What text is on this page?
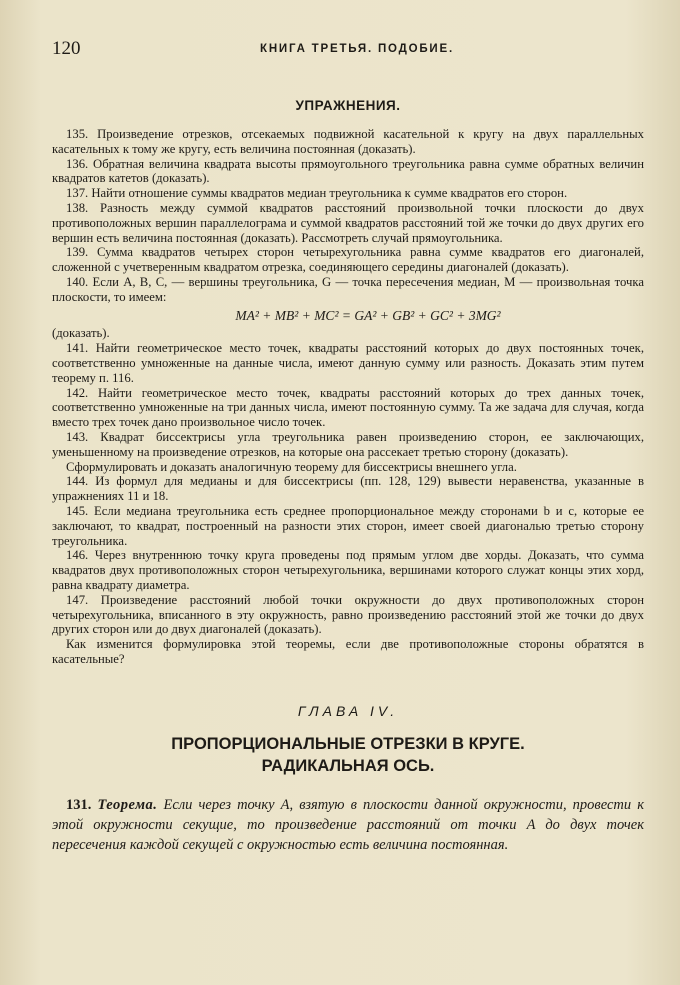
120	КНИГА ТРЕТЬЯ. ПОДОБИЕ.
УПРАЖНЕНИЯ.

135. Произведение отрезков, отсекаемых подвижной касательной к кругу на двух параллельных касательных к тому же кругу, есть величина постоянная (доказать).

136. Обратная величина квадрата высоты прямоугольного треугольника равна сумме обратных величин квадратов катетов (доказать).

137. Найти отношение суммы квадратов медиан треугольника к сумме квадратов его сторон.

138. Разность между суммой квадратов расстояний произвольной точки плоскости до двух противоположных вершин параллелограма и суммой квадратов расстояний той же точки до двух других его вершин есть величина постоянная (доказать). Рассмотреть случай прямоугольника.

139. Сумма квадратов четырех сторон четырехугольника равна сумме квадратов его диагоналей, сложенной с учетверенным квадратом отрезка, соединяющего середины диагоналей (доказать).

140. Если A, B, C, — вершины треугольника, G — точка пересечения медиан, M — произвольная точка плоскости, то имеем:

MA² + MB² + MC² = GA² + GB² + GC² + 3MG²

(доказать).

141. Найти геометрическое место точек, квадраты расстояний которых до двух постоянных точек, соответственно умноженные на данные числа, имеют данную сумму или разность. Доказать этим путем теорему п. 116.

142. Найти геометрическое место точек, квадраты расстояний которых до трех данных точек, соответственно умноженные на три данных числа, имеют постоянную сумму. Та же задача для случая, когда вместо трех точек дано произвольное число точек.

143. Квадрат биссектрисы угла треугольника равен произведению сторон, ее заключающих, уменьшенному на произведение отрезков, на которые она рассекает третью сторону (доказать).

Сформулировать и доказать аналогичную теорему для биссектрисы внешнего угла.

144. Из формул для медианы и для биссектрисы (пп. 128, 129) вывести неравенства, указанные в упражнениях 11 и 18.

145. Если медиана треугольника есть среднее пропорциональное между сторонами b и c, которые ее заключают, то квадрат, построенный на разности этих сторон, имеет своей диагональю третью сторону треугольника.

146. Через внутреннюю точку круга проведены под прямым углом две хорды. Доказать, что сумма квадратов двух противоположных сторон четырехугольника, вершинами которого служат концы этих хорд, равна квадрату диаметра.

147. Произведение расстояний любой точки окружности до двух противоположных сторон четырехугольника, вписанного в эту окружность, равно произведению расстояний этой же точки до двух других сторон или до двух диагоналей (доказать).

Как изменится формулировка этой теоремы, если две противоположные стороны обратятся в касательные?

ГЛАВА IV.
ПРОПОРЦИОНАЛЬНЫЕ ОТРЕЗКИ В КРУГЕ.
РАДИКАЛЬНАЯ ОСЬ.
131. Теорема. Если через точку A, взятую в плоскости данной окружности, провести к этой окружности секущие, то произведение расстояний от точки A до двух точек пересечения каждой секущей с окружностью есть величина постоянная.
